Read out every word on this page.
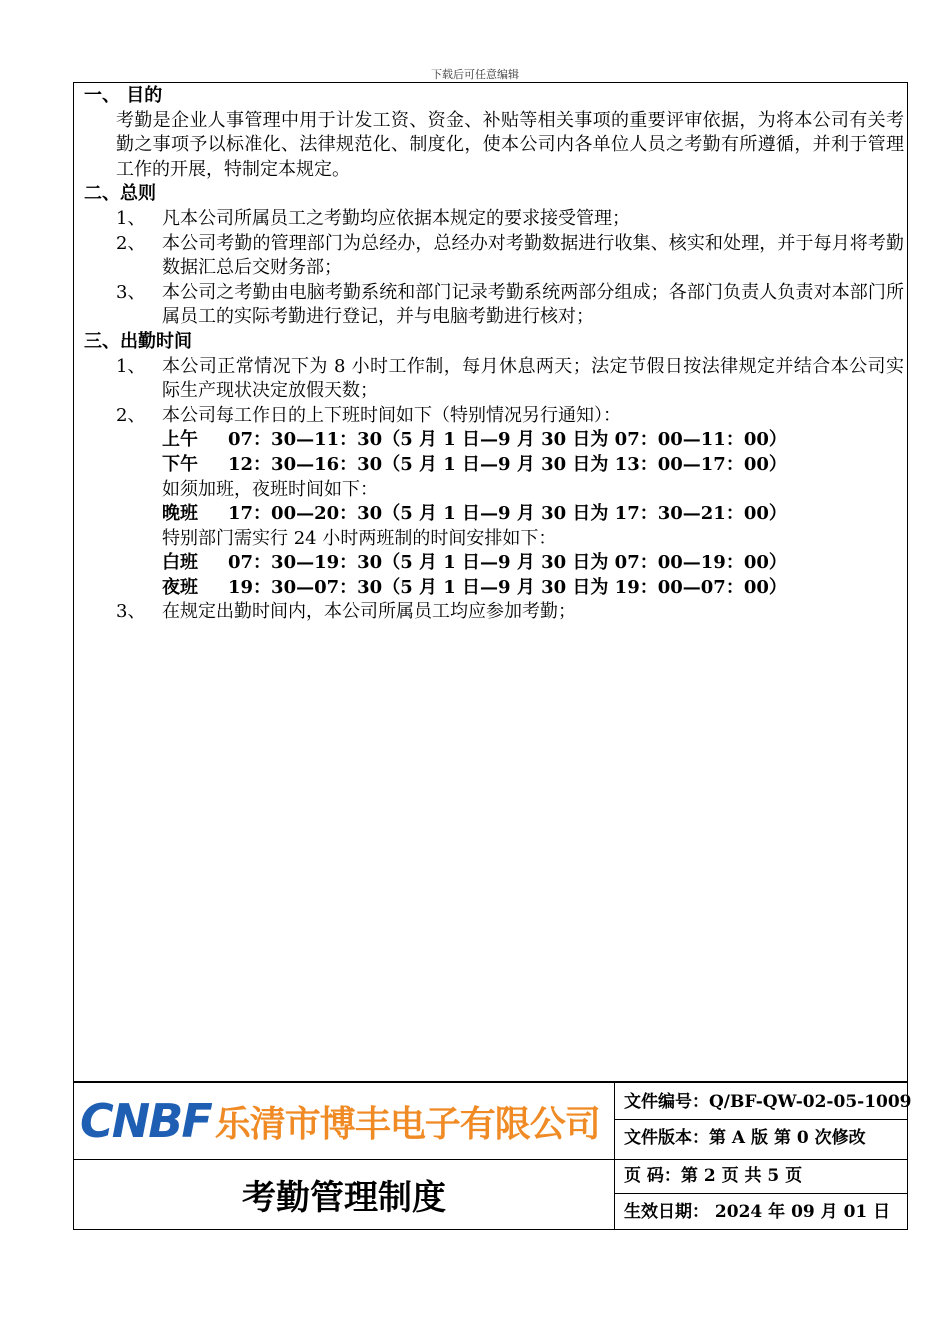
下载后可任意编辑
一、 目的
考勤是企业人事管理中用于计发工资、资金、补贴等相关事项的重要评审依据，为将本公司有关考勤之事项予以标准化、法律规范化、制度化，使本公司内各单位人员之考勤有所遵循，并利于管理工作的开展，特制定本规定。
二、总则
1、 凡本公司所属员工之考勤均应依据本规定的要求接受管理；
2、 本公司考勤的管理部门为总经办，总经办对考勤数据进行收集、核实和处理，并于每月将考勤数据汇总后交财务部；
3、 本公司之考勤由电脑考勤系统和部门记录考勤系统两部分组成；各部门负责人负责对本部门所属员工的实际考勤进行登记，并与电脑考勤进行核对；
三、出勤时间
1、 本公司正常情况下为 8 小时工作制，每月休息两天；法定节假日按法律规定并结合本公司实际生产现状决定放假天数；
2、 本公司每工作日的上下班时间如下（特别情况另行通知）：
上午 07：30—11：30（5 月 1 日—9 月 30 日为 07：00—11：00）
下午 12：30—16：30（5 月 1 日—9 月 30 日为 13：00—17：00）
如须加班，夜班时间如下：
晚班 17：00—20：30（5 月 1 日—9 月 30 日为 17：30—21：00）
特别部门需实行 24 小时两班制的时间安排如下：
白班 07：30—19：30（5 月 1 日—9 月 30 日为 07：00—19：00）
夜班 19：30—07：30（5 月 1 日—9 月 30 日为 19：00—07：00）
3、 在规定出勤时间内，本公司所属员工均应参加考勤；
CNBF 乐清市博丰电子有限公司
考勤管理制度
文件编号：Q/BF-QW-02-05-1009
文件版本：第 A 版 第 0 次修改
页 码：第 2 页 共 5 页
生效日期： 2024 年 09 月 01 日
